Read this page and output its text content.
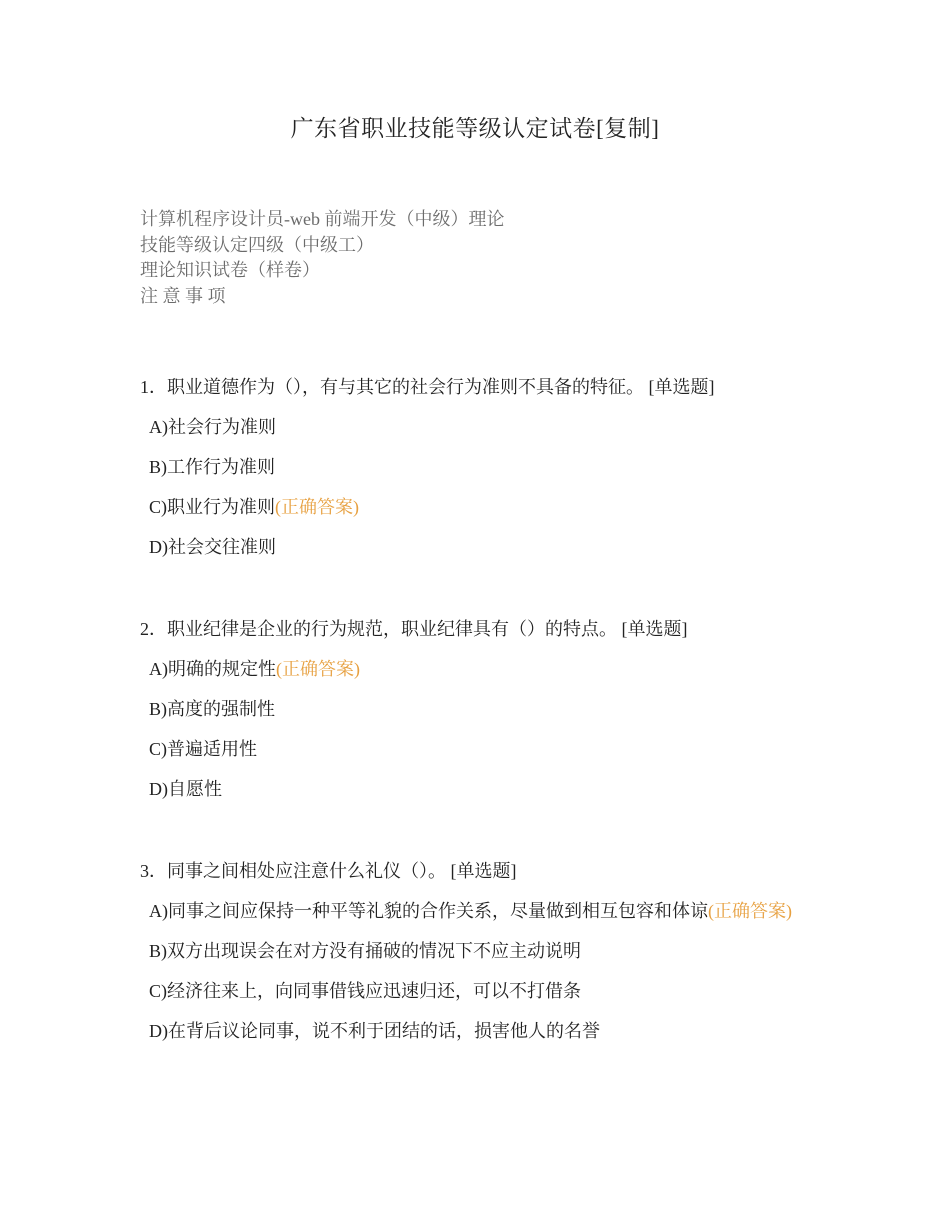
广东省职业技能等级认定试卷[复制]
计算机程序设计员-web 前端开发（中级）理论
技能等级认定四级（中级工）
理论知识试卷（样卷）
注 意 事 项
1．职业道德作为（），有与其它的社会行为准则不具备的特征。 [单选题]
A)社会行为准则
B)工作行为准则
C)职业行为准则(正确答案)
D)社会交往准则
2．职业纪律是企业的行为规范，职业纪律具有（）的特点。 [单选题]
A)明确的规定性(正确答案)
B)高度的强制性
C)普遍适用性
D)自愿性
3．同事之间相处应注意什么礼仪（）。 [单选题]
A)同事之间应保持一种平等礼貌的合作关系，尽量做到相互包容和体谅(正确答案)
B)双方出现误会在对方没有捅破的情况下不应主动说明
C)经济往来上，向同事借钱应迅速归还，可以不打借条
D)在背后议论同事，说不利于团结的话，损害他人的名誉
